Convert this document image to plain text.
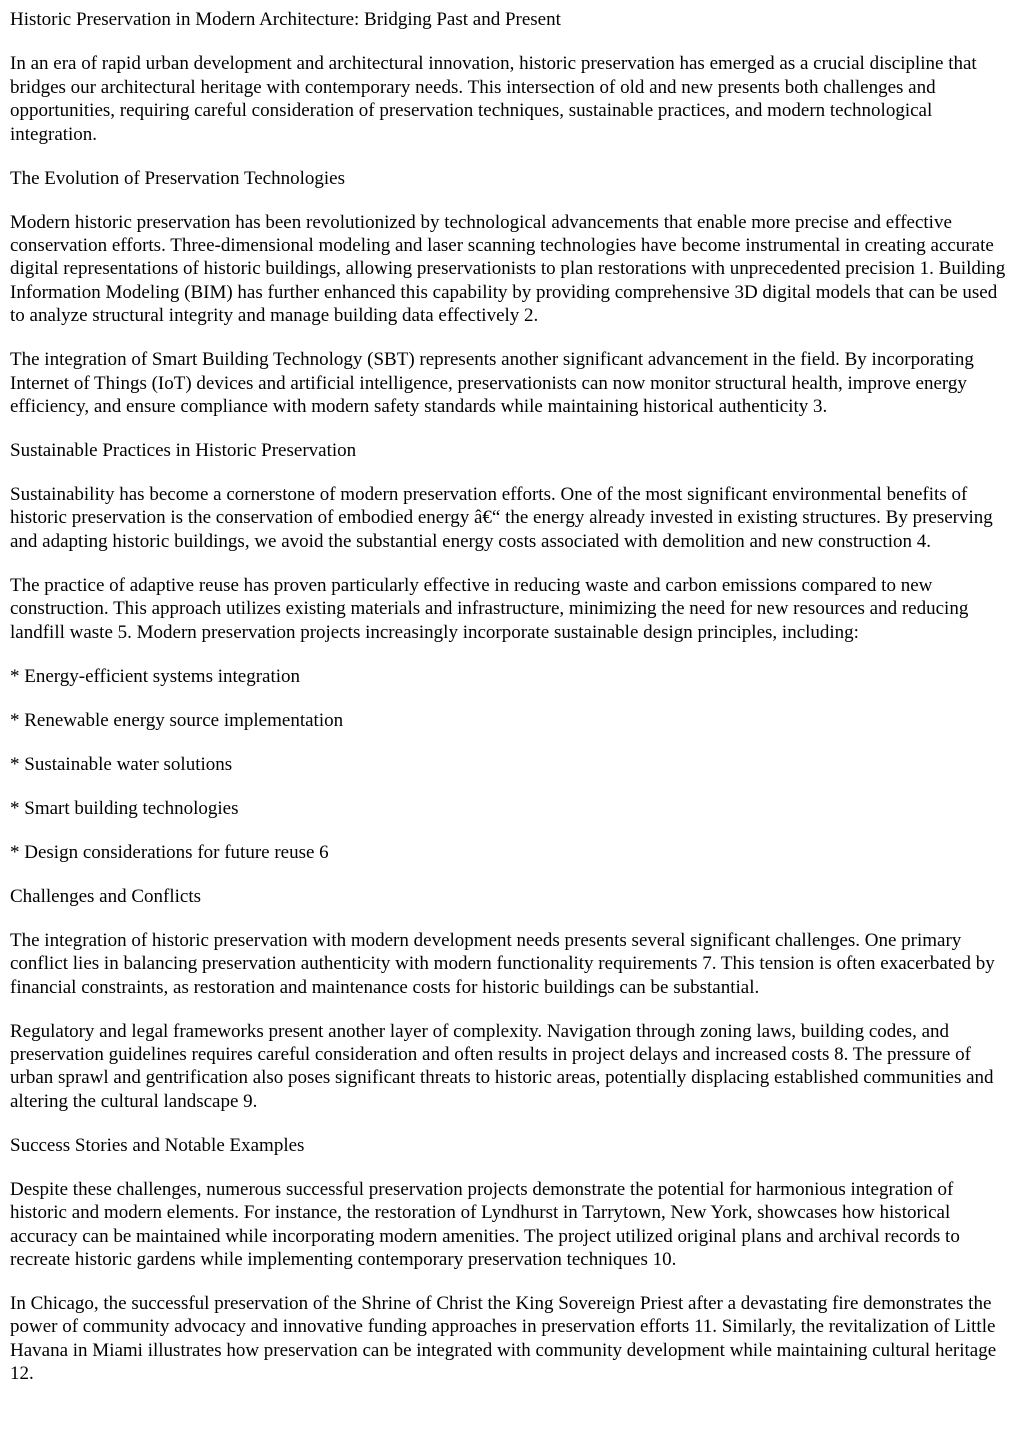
Historic Preservation in Modern Architecture: Bridging Past and Present

In an era of rapid urban development and architectural innovation, historic preservation has emerged as a crucial discipline that bridges our architectural heritage with contemporary needs. This intersection of old and new presents both challenges and opportunities, requiring careful consideration of preservation techniques, sustainable practices, and modern technological integration.

The Evolution of Preservation Technologies

Modern historic preservation has been revolutionized by technological advancements that enable more precise and effective conservation efforts. Three-dimensional modeling and laser scanning technologies have become instrumental in creating accurate digital representations of historic buildings, allowing preservationists to plan restorations with unprecedented precision 1. Building Information Modeling (BIM) has further enhanced this capability by providing comprehensive 3D digital models that can be used to analyze structural integrity and manage building data effectively 2.

The integration of Smart Building Technology (SBT) represents another significant advancement in the field. By incorporating Internet of Things (IoT) devices and artificial intelligence, preservationists can now monitor structural health, improve energy efficiency, and ensure compliance with modern safety standards while maintaining historical authenticity 3.

Sustainable Practices in Historic Preservation

Sustainability has become a cornerstone of modern preservation efforts. One of the most significant environmental benefits of historic preservation is the conservation of embodied energy â€“ the energy already invested in existing structures. By preserving and adapting historic buildings, we avoid the substantial energy costs associated with demolition and new construction 4.

The practice of adaptive reuse has proven particularly effective in reducing waste and carbon emissions compared to new construction. This approach utilizes existing materials and infrastructure, minimizing the need for new resources and reducing landfill waste 5. Modern preservation projects increasingly incorporate sustainable design principles, including:

* Energy-efficient systems integration

* Renewable energy source implementation

* Sustainable water solutions

* Smart building technologies

* Design considerations for future reuse 6

Challenges and Conflicts

The integration of historic preservation with modern development needs presents several significant challenges. One primary conflict lies in balancing preservation authenticity with modern functionality requirements 7. This tension is often exacerbated by financial constraints, as restoration and maintenance costs for historic buildings can be substantial.

Regulatory and legal frameworks present another layer of complexity. Navigation through zoning laws, building codes, and preservation guidelines requires careful consideration and often results in project delays and increased costs 8. The pressure of urban sprawl and gentrification also poses significant threats to historic areas, potentially displacing established communities and altering the cultural landscape 9.

Success Stories and Notable Examples

Despite these challenges, numerous successful preservation projects demonstrate the potential for harmonious integration of historic and modern elements. For instance, the restoration of Lyndhurst in Tarrytown, New York, showcases how historical accuracy can be maintained while incorporating modern amenities. The project utilized original plans and archival records to recreate historic gardens while implementing contemporary preservation techniques 10.

In Chicago, the successful preservation of the Shrine of Christ the King Sovereign Priest after a devastating fire demonstrates the power of community advocacy and innovative funding approaches in preservation efforts 11. Similarly, the revitalization of Little Havana in Miami illustrates how preservation can be integrated with community development while maintaining cultural heritage 12.
